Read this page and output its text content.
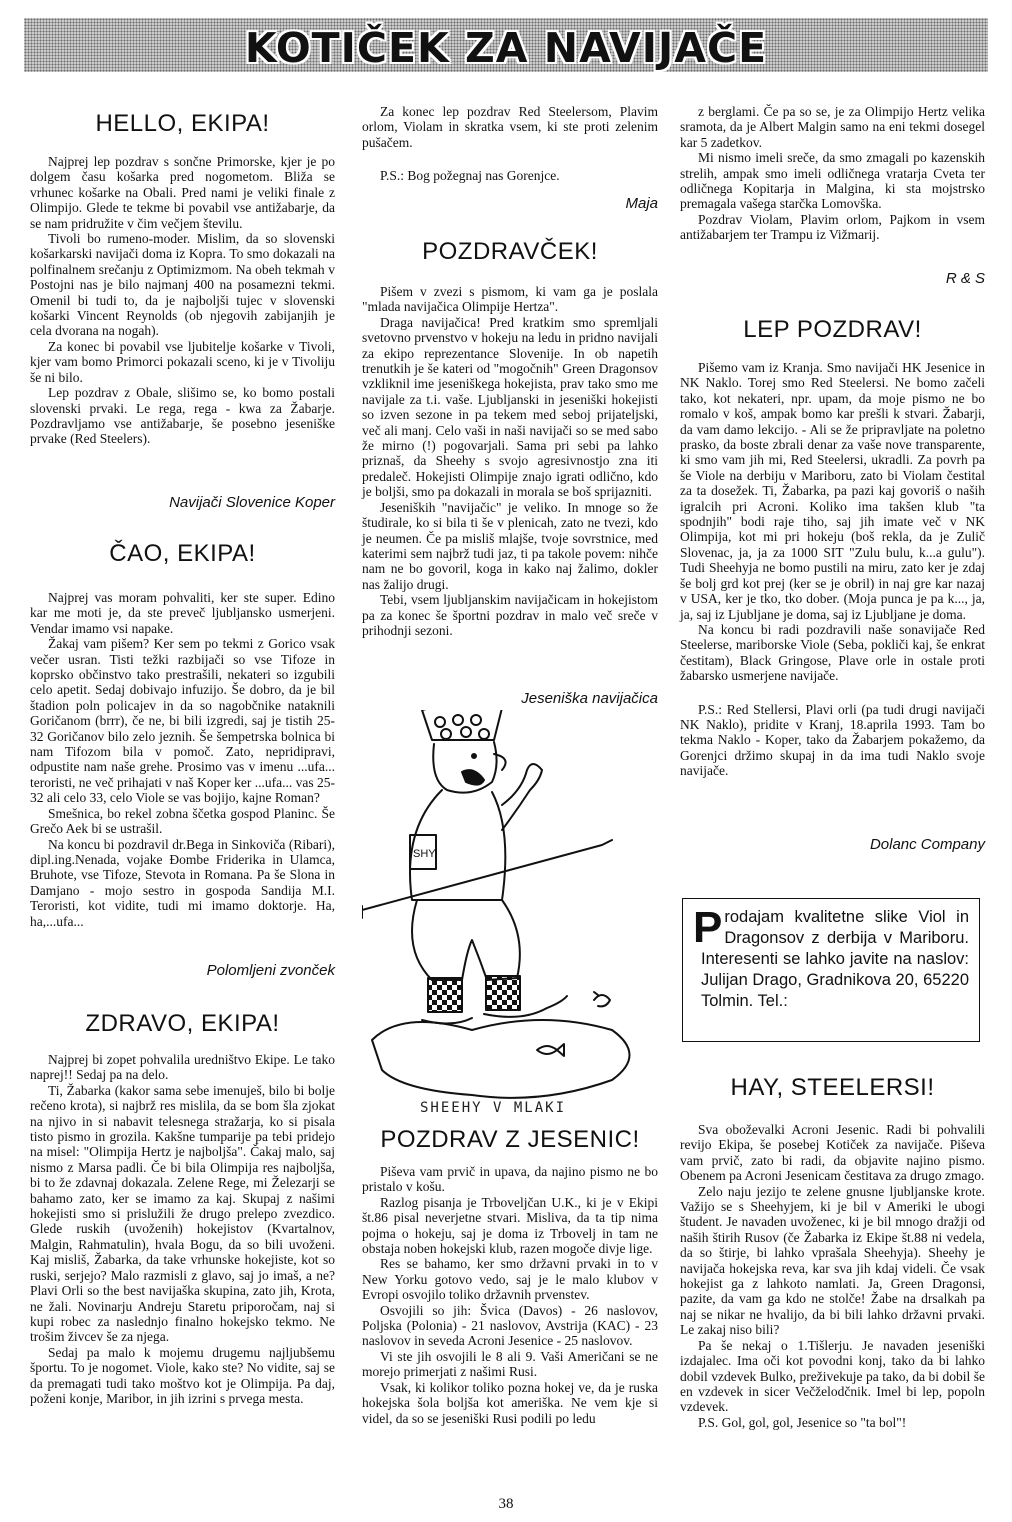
KOTIČEK ZA NAVIJAČE
HELLO, EKIPA!

Najprej lep pozdrav s sončne Primorske, kjer je po dolgem času košarka pred nogometom. Bliža se vrhunec košarke na Obali. Pred nami je veliki finale z Olimpijo. Glede te tekme bi povabil vse antižabarje, da se nam pridružite v čim večjem številu.

Tivoli bo rumeno-moder. Mislim, da so slovenski košarkarski navijači doma iz Kopra. To smo dokazali na polfinalnem srečanju z Optimizmom. Na obeh tekmah v Postojni nas je bilo najmanj 400 na posamezni tekmi. Omenil bi tudi to, da je najboljši tujec v slovenski košarki Vincent Reynolds (ob njegovih zabijanjih je cela dvorana na nogah).

Za konec bi povabil vse ljubitelje košarke v Tivoli, kjer vam bomo Primorci pokazali sceno, ki je v Tivoliju še ni bilo.

Lep pozdrav z Obale, slišimo se, ko bomo postali slovenski prvaki. Le rega, rega - kwa za Žabarje. Pozdravljamo vse antižabarje, še posebno jeseniške prvake (Red Steelers).

Navijači Slovenice Koper
ČAO, EKIPA!

Najprej vas moram pohvaliti, ker ste super. Edino kar me moti je, da ste preveč ljubljansko usmerjeni. Vendar imamo vsi napake.

Žakaj vam pišem? Ker sem po tekmi z Gorico vsak večer usran. Tisti težki razbijači so vse Tifoze in koprsko občinstvo tako prestrašili, nekateri so izgubili celo apetit. Sedaj dobivajo infuzijo. Še dobro, da je bil štadion poln policajev in da so nagobčnike nataknili Goričanom (brrr), če ne, bi bili izgredi, saj je tistih 25-32 Goričanov bilo zelo jeznih. Še šempetrska bolnica bi nam Tifozom bila v pomoč. Zato, nepridipravi, odpustite nam naše grehe. Prosimo vas v imenu ...ufa... teroristi, ne več prihajati v naš Koper ker ...ufa... vas 25-32 ali celo 33, celo Viole se vas bojijo, kajne Roman?

Smešnica, bo rekel zobna ščetka gospod Planinc. Še Grečo Aek bi se ustrašil.

Na koncu bi pozdravil dr.Bega in Sinkoviča (Ribari), dipl.ing.Nenada, vojake Đombe Friderika in Ulamca, Bruhote, vse Tifoze, Stevota in Romana. Pa še Slona in Damjano - mojo sestro in gospoda Sandija M.I. Teroristi, kot vidite, tudi mi imamo doktorje. Ha, ha,...ufa...

Polomljeni zvonček
ZDRAVO, EKIPA!

Najprej bi zopet pohvalila uredništvo Ekipe. Le tako naprej!! Sedaj pa na delo.

Ti, Žabarka (kakor sama sebe imenuješ, bilo bi bolje rečeno krota), si najbrž res mislila, da se bom šla zjokat na njivo in si nabavit telesnega stražarja, ko si pisala tisto pismo in grozila. Kakšne tumparije pa tebi pridejo na misel: "Olimpija Hertz je najboljša". Čakaj malo, saj nismo z Marsa padli. Če bi bila Olimpija res najboljša, bi to že zdavnaj dokazala. Zelene Rege, mi Železarji se bahamo zato, ker se imamo za kaj. Skupaj z našimi hokejisti smo si prislužili že drugo prelepo zvezdico. Glede ruskih (uvoženih) hokejistov (Kvartalnov, Malgin, Rahmatulin), hvala Bogu, da so bili uvoženi. Kaj misliš, Žabarka, da take vrhunske hokejiste, kot so ruski, serjejo? Malo razmisli z glavo, saj jo imaš, a ne? Plavi Orli so the best navijaška skupina, zato jih, Krota, ne žali. Novinarju Andreju Staretu priporočam, naj si kupi robec za naslednjo finalno hokejsko tekmo. Ne trošim živcev še za njega.

Sedaj pa malo k mojemu drugemu najljubšemu športu. To je nogomet. Viole, kako ste? No vidite, saj se da premagati tudi tako moštvo kot je Olimpija. Pa daj, poženi konje, Maribor, in jih izrini s prvega mesta.

Za konec lep pozdrav Red Steelersom, Plavim orlom, Violam in skratka vsem, ki ste proti zelenim pušačem.

P.S.: Bog požegnaj nas Gorenjce.

Maja
POZDRAVČEK!

Pišem v zvezi s pismom, ki vam ga je poslala "mlada navijačica Olimpije Hertza".

Draga navijačica! Pred kratkim smo spremljali svetovno prvenstvo v hokeju na ledu in pridno navijali za ekipo reprezentance Slovenije. In ob napetih trenutkih je še kateri od "mogočnih" Green Dragonsov vzkliknil ime jeseniškega hokejista, prav tako smo me navijale za t.i. vaše. Ljubljanski in jeseniški hokejisti so izven sezone in pa tekem med seboj prijateljski, več ali manj. Celo vaši in naši navijači so se med sabo že mirno (!) pogovarjali. Sama pri sebi pa lahko priznaš, da Sheehy s svojo agresivnostjo zna iti predaleč. Hokejisti Olimpije znajo igrati odlično, kdo je boljši, smo pa dokazali in morala se boš sprijazniti.

Jeseniških "navijačic" je veliko. In mnoge so že študirale, ko si bila ti še v plenicah, zato ne tvezi, kdo je neumen. Če pa misliš mlajše, tvoje sovrstnice, med katerimi sem najbrž tudi jaz, ti pa takole povem: nihče nam ne bo govoril, koga in kako naj žalimo, dokler nas žalijo drugi.

Tebi, vsem ljubljanskim navijačicam in hokejistom pa za konec še športni pozdrav in malo več sreče v prihodnji sezoni.

Jeseniška navijačica
POZDRAV Z JESENIC!

Piševa vam prvič in upava, da najino pismo ne bo pristalo v košu.

Razlog pisanja je Trboveljčan U.K., ki je v Ekipi št.86 pisal neverjetne stvari. Misliva, da ta tip nima pojma o hokeju, saj je doma iz Trbovelj in tam ne obstaja noben hokejski klub, razen mogoče divje lige.

Res se bahamo, ker smo državni prvaki in to v New Yorku gotovo vedo, saj je le malo klubov v Evropi osvojilo toliko državnih prvenstev.

Osvojili so jih: Švica (Davos) - 26 naslovov, Poljska (Polonia) - 21 naslovov, Avstrija (KAC) - 23 naslovov in seveda Acroni Jesenice - 25 naslovov.

Vi ste jih osvojili le 8 ali 9. Vaši Američani se ne morejo primerjati z našimi Rusi.

Vsak, ki kolikor toliko pozna hokej ve, da je ruska hokejska šola boljša kot ameriška. Ne vem kje si videl, da so se jeseniški Rusi podili po ledu

SHY
SHEEHY V MLAKI

z berglami. Če pa so se, je za Olimpijo Hertz velika sramota, da je Albert Malgin samo na eni tekmi dosegel kar 5 zadetkov.

Mi nismo imeli sreče, da smo zmagali po kazenskih strelih, ampak smo imeli odličnega vratarja Cveta ter odličnega Kopitarja in Malgina, ki sta mojstrsko premagala vašega starčka Lomovška.

Pozdrav Violam, Plavim orlom, Pajkom in vsem antižabarjem ter Trampu iz Vižmarij.

R & S
LEP POZDRAV!

Pišemo vam iz Kranja. Smo navijači HK Jesenice in NK Naklo. Torej smo Red Steelersi. Ne bomo začeli tako, kot nekateri, npr. upam, da moje pismo ne bo romalo v koš, ampak bomo kar prešli k stvari. Žabarji, da vam damo lekcijo. - Ali se že pripravljate na poletno prasko, da boste zbrali denar za vaše nove transparente, ki smo vam jih mi, Red Steelersi, ukradli. Za povrh pa še Viole na derbiju v Mariboru, zato bi Violam čestital za ta dosežek. Ti, Žabarka, pa pazi kaj govoriš o naših igralcih pri Acroni. Koliko ima takšen klub "ta spodnjih" bodi raje tiho, saj jih imate več v NK Olimpija, kot mi pri hokeju (boš rekla, da je Zulič Slovenac, ja, ja za 1000 SIT "Zulu bulu, k...a gulu"). Tudi Sheehyja ne bomo pustili na miru, zato ker je zdaj še bolj grd kot prej (ker se je obril) in naj gre kar nazaj v USA, ker je tko, tko dober. (Moja punca je pa k..., ja, ja, saj iz Ljubljane je doma, saj iz Ljubljane je doma.

Na koncu bi radi pozdravili naše sonavijače Red Steelerse, mariborske Viole (Seba, pokliči kaj, še enkrat čestitam), Black Gringose, Plave orle in ostale proti žabarsko usmerjene navijače.

P.S.: Red Stellersi, Plavi orli (pa tudi drugi navijači NK Naklo), pridite v Kranj, 18.aprila 1993. Tam bo tekma Naklo - Koper, tako da Žabarjem pokažemo, da Gorenjci držimo skupaj in da ima tudi Naklo svoje navijače.

Dolanc Company
HAY, STEELERSI!

Sva oboževalki Acroni Jesenic. Radi bi pohvalili revijo Ekipa, še posebej Kotiček za navijače. Piševa vam prvič, zato bi radi, da objavite najino pismo. Obenem pa Acroni Jesenicam čestitava za drugo zmago.

Zelo naju jezijo te zelene gnusne ljubljanske krote. Važijo se s Sheehyjem, ki je bil v Ameriki le ubogi študent. Je navaden uvoženec, ki je bil mnogo dražji od naših štirih Rusov (če Žabarka iz Ekipe št.88 ni vedela, da so štirje, bi lahko vprašala Sheehyja). Sheehy je navijača hokejska reva, kar sva jih kdaj videli. Če vsak hokejist ga z lahkoto namlati. Ja, Green Dragonsi, pazite, da vam ga kdo ne stolče! Žabe na drsalkah pa naj se nikar ne hvalijo, da bi bili lahko državni prvaki. Le zakaj niso bili?

Pa še nekaj o 1.Tišlerju. Je navaden jeseniški izdajalec. Ima oči kot povodni konj, tako da bi lahko dobil vzdevek Bulko, preživekuje pa tako, da bi dobil še en vzdevek in sicer Večželodčnik. Imel bi lep, popoln vzdevek.

P.S. Gol, gol, gol, Jesenice so "ta bol"!

Prodajam kvalitetne slike Viol in Dragonsov z derbija v Mariboru. Interesenti se lahko javite na naslov: Julijan Drago, Gradnikova 20, 65220 Tolmin. Tel.:
38
